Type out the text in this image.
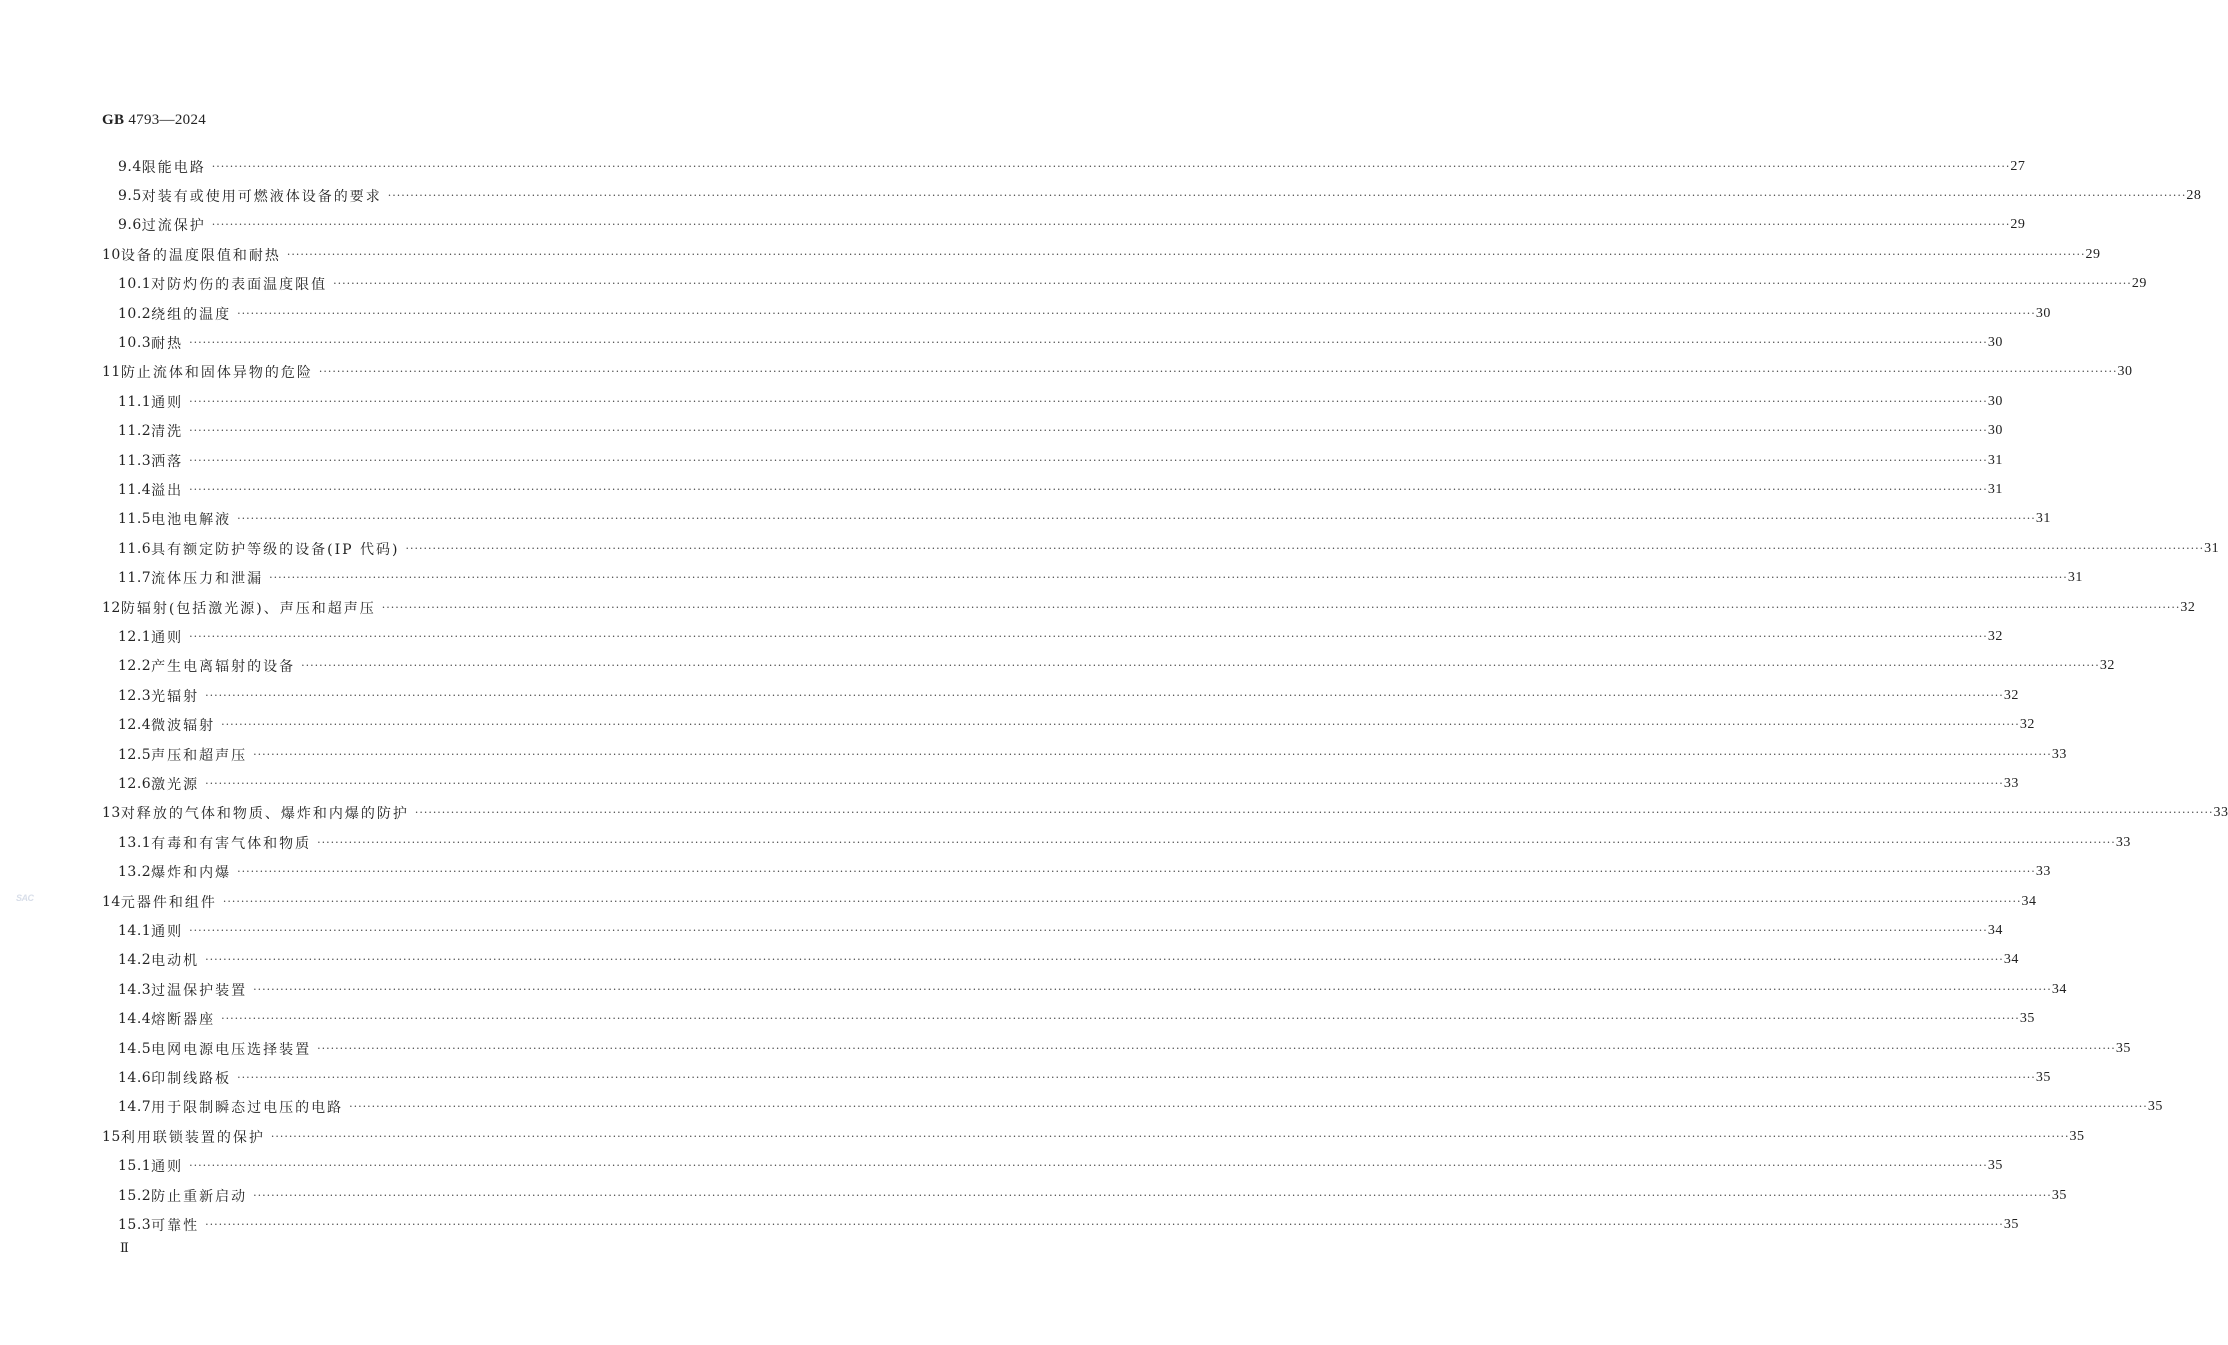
GB 4793—2024
SAC
9.4 限能电路 ················································································································································································································································································································································································································ 27
9.5 对装有或使用可燃液体设备的要求 ················································································································································································································································································································································································································ 28
9.6 过流保护 ················································································································································································································································································································································································································ 29
10 设备的温度限值和耐热 ················································································································································································································································································································································································································ 29
10.1 对防灼伤的表面温度限值 ················································································································································································································································································································································································································ 29
10.2 绕组的温度 ················································································································································································································································································································································································································ 30
10.3 耐热 ················································································································································································································································································································································································································ 30
11 防止流体和固体异物的危险 ················································································································································································································································································································································································································ 30
11.1 通则 ················································································································································································································································································································································································································ 30
11.2 清洗 ················································································································································································································································································································································································································ 30
11.3 洒落 ················································································································································································································································································································································································································ 31
11.4 溢出 ················································································································································································································································································································································································································ 31
11.5 电池电解液 ················································································································································································································································································································································································································ 31
11.6 具有额定防护等级的设备(IP 代码) ················································································································································································································································································································································································································ 31
11.7 流体压力和泄漏 ················································································································································································································································································································································································································ 31
12 防辐射(包括激光源)、声压和超声压 ················································································································································································································································································································································································································ 32
12.1 通则 ················································································································································································································································································································································································································ 32
12.2 产生电离辐射的设备 ················································································································································································································································································································································································································ 32
12.3 光辐射 ················································································································································································································································································································································································································ 32
12.4 微波辐射 ················································································································································································································································································································································································································ 32
12.5 声压和超声压 ················································································································································································································································································································································································································ 33
12.6 激光源 ················································································································································································································································································································································································································ 33
13 对释放的气体和物质、爆炸和内爆的防护 ················································································································································································································································································································································································································ 33
13.1 有毒和有害气体和物质 ················································································································································································································································································································································································································ 33
13.2 爆炸和内爆 ················································································································································································································································································································································································································ 33
14 元器件和组件 ················································································································································································································································································································································································································ 34
14.1 通则 ················································································································································································································································································································································································································ 34
14.2 电动机 ················································································································································································································································································································································································································ 34
14.3 过温保护装置 ················································································································································································································································································································································································································ 34
14.4 熔断器座 ················································································································································································································································································································································································································ 35
14.5 电网电源电压选择装置 ················································································································································································································································································································································································································ 35
14.6 印制线路板 ················································································································································································································································································································································································································ 35
14.7 用于限制瞬态过电压的电路 ················································································································································································································································································································································································································ 35
15 利用联锁装置的保护 ················································································································································································································································································································································································································ 35
15.1 通则 ················································································································································································································································································································································································································ 35
15.2 防止重新启动 ················································································································································································································································································································································································································ 35
15.3 可靠性 ················································································································································································································································································································································································································ 35
Ⅱ
